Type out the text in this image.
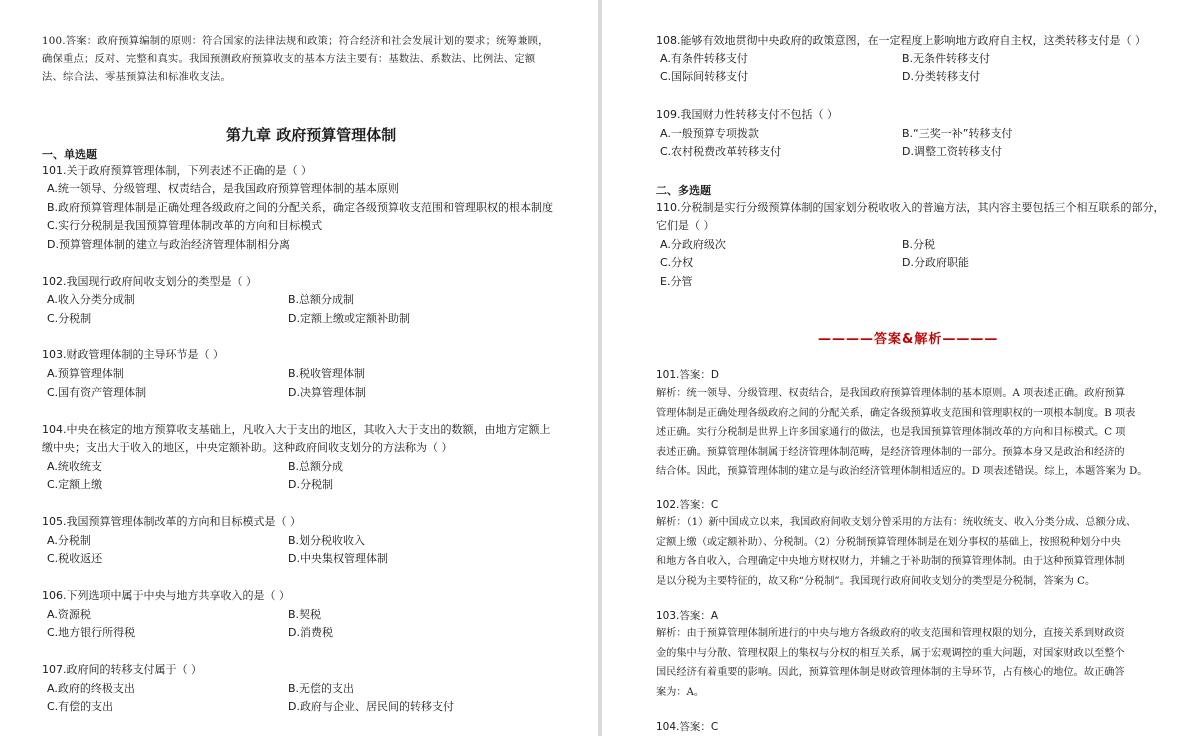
100.答案：政府预算编制的原则：符合国家的法律法规和政策；符合经济和社会发展计划的要求；统筹兼顾，确保重点；反对、完整和真实。我国预测政府预算收支的基本方法主要有：基数法、系数法、比例法、定额法、综合法、零基预算法和标准收支法。
第九章 政府预算管理体制
一、单选题
101.关于政府预算管理体制，下列表述不正确的是（ ）
A.统一领导、分级管理、权责结合，是我国政府预算管理体制的基本原则
B.政府预算管理体制是正确处理各级政府之间的分配关系，确定各级预算收支范围和管理职权的根本制度
C.实行分税制是我国预算管理体制改革的方向和目标模式
D.预算管理体制的建立与政治经济管理体制相分离
102.我国现行政府间收支划分的类型是（ ）
A.收入分类分成制	B.总额分成制
C.分税制	D.定额上缴或定额补助制
103.财政管理体制的主导环节是（ ）
A.预算管理体制	B.税收管理体制
C.国有资产管理体制	D.决算管理体制
104.中央在核定的地方预算收支基础上，凡收入大于支出的地区，其收入大于支出的数额，由地方定额上
缴中央；支出大于收入的地区，中央定额补助。这种政府间收支划分的方法称为（ ）
A.统收统支	B.总额分成
C.定额上缴	D.分税制
105.我国预算管理体制改革的方向和目标模式是（ ）
A.分税制	B.划分税收收入
C.税收返还	D.中央集权管理体制
106.下列选项中属于中央与地方共享收入的是（ ）
A.资源税	B.契税
C.地方银行所得税	D.消费税
107.政府间的转移支付属于（ ）
A.政府的终极支出	B.无偿的支出
C.有偿的支出	D.政府与企业、居民间的转移支付
108.能够有效地贯彻中央政府的政策意图，在一定程度上影响地方政府自主权，这类转移支付是（ ）
A.有条件转移支付	B.无条件转移支付
C.国际间转移支付	D.分类转移支付
109.我国财力性转移支付不包括（ ）
A.一般预算专项拨款	B.“三奖一补”转移支付
C.农村税费改革转移支付	D.调整工资转移支付
二、多选题
110.分税制是实行分级预算体制的国家划分税收收入的普遍方法，其内容主要包括三个相互联系的部分，
它们是（ ）
A.分政府级次	B.分税
C.分权	D.分政府职能
E.分管
————答案&解析————
101.答案：D
解析：统一领导、分级管理、权责结合，是我国政府预算管理体制的基本原则。A 项表述正确。政府预算
管理体制是正确处理各级政府之间的分配关系，确定各级预算收支范围和管理职权的一项根本制度。B 项表
述正确。实行分税制是世界上许多国家通行的做法，也是我国预算管理体制改革的方向和目标模式。C 项
表述正确。预算管理体制属于经济管理体制范畴，是经济管理体制的一部分。预算本身又是政治和经济的
结合体。因此，预算管理体制的建立是与政治经济管理体制相适应的。D 项表述错误。综上，本题答案为 D。
102.答案：C
解析：（1）新中国成立以来，我国政府间收支划分曾采用的方法有：统收统支、收入分类分成、总额分成、
定额上缴（或定额补助）、分税制。（2）分税制预算管理体制是在划分事权的基础上，按照税种划分中央
和地方各自收入，合理确定中央地方财权财力，并辅之于补助制的预算管理体制。由于这种预算管理体制
是以分税为主要特征的，故又称“分税制”。我国现行政府间收支划分的类型是分税制，答案为 C。
103.答案：A
解析：由于预算管理体制所进行的中央与地方各级政府的收支范围和管理权限的划分，直接关系到财政资
金的集中与分散、管理权限上的集权与分权的相互关系，属于宏观调控的重大问题，对国家财政以至整个
国民经济有着重要的影响。因此，预算管理体制是财政管理体制的主导环节，占有核心的地位。故正确答
案为：A。
104.答案：C
